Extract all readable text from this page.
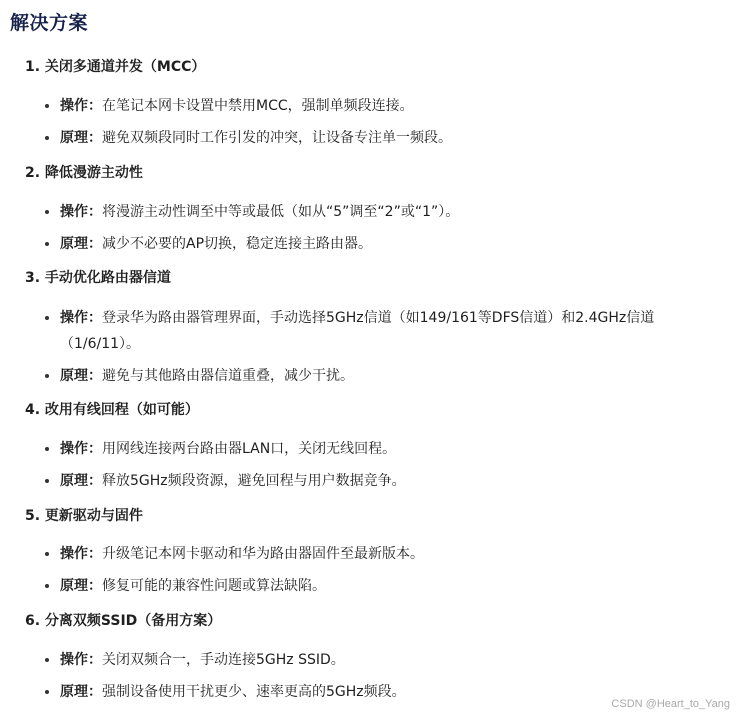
解决方案
1. 关闭多通道并发（MCC）
操作：在笔记本网卡设置中禁用MCC，强制单频段连接。
原理：避免双频段同时工作引发的冲突，让设备专注单一频段。
2. 降低漫游主动性
操作：将漫游主动性调至中等或最低（如从“5”调至“2”或“1”）。
原理：减少不必要的AP切换，稳定连接主路由器。
3. 手动优化路由器信道
操作：登录华为路由器管理界面，手动选择5GHz信道（如149/161等DFS信道）和2.4GHz信道（1/6/11）。
原理：避免与其他路由器信道重叠，减少干扰。
4. 改用有线回程（如可能）
操作：用网线连接两台路由器LAN口，关闭无线回程。
原理：释放5GHz频段资源，避免回程与用户数据竞争。
5. 更新驱动与固件
操作：升级笔记本网卡驱动和华为路由器固件至最新版本。
原理：修复可能的兼容性问题或算法缺陷。
6. 分离双频SSID（备用方案）
操作：关闭双频合一，手动连接5GHz SSID。
原理：强制设备使用干扰更少、速率更高的5GHz频段。
CSDN @Heart_to_Yang
